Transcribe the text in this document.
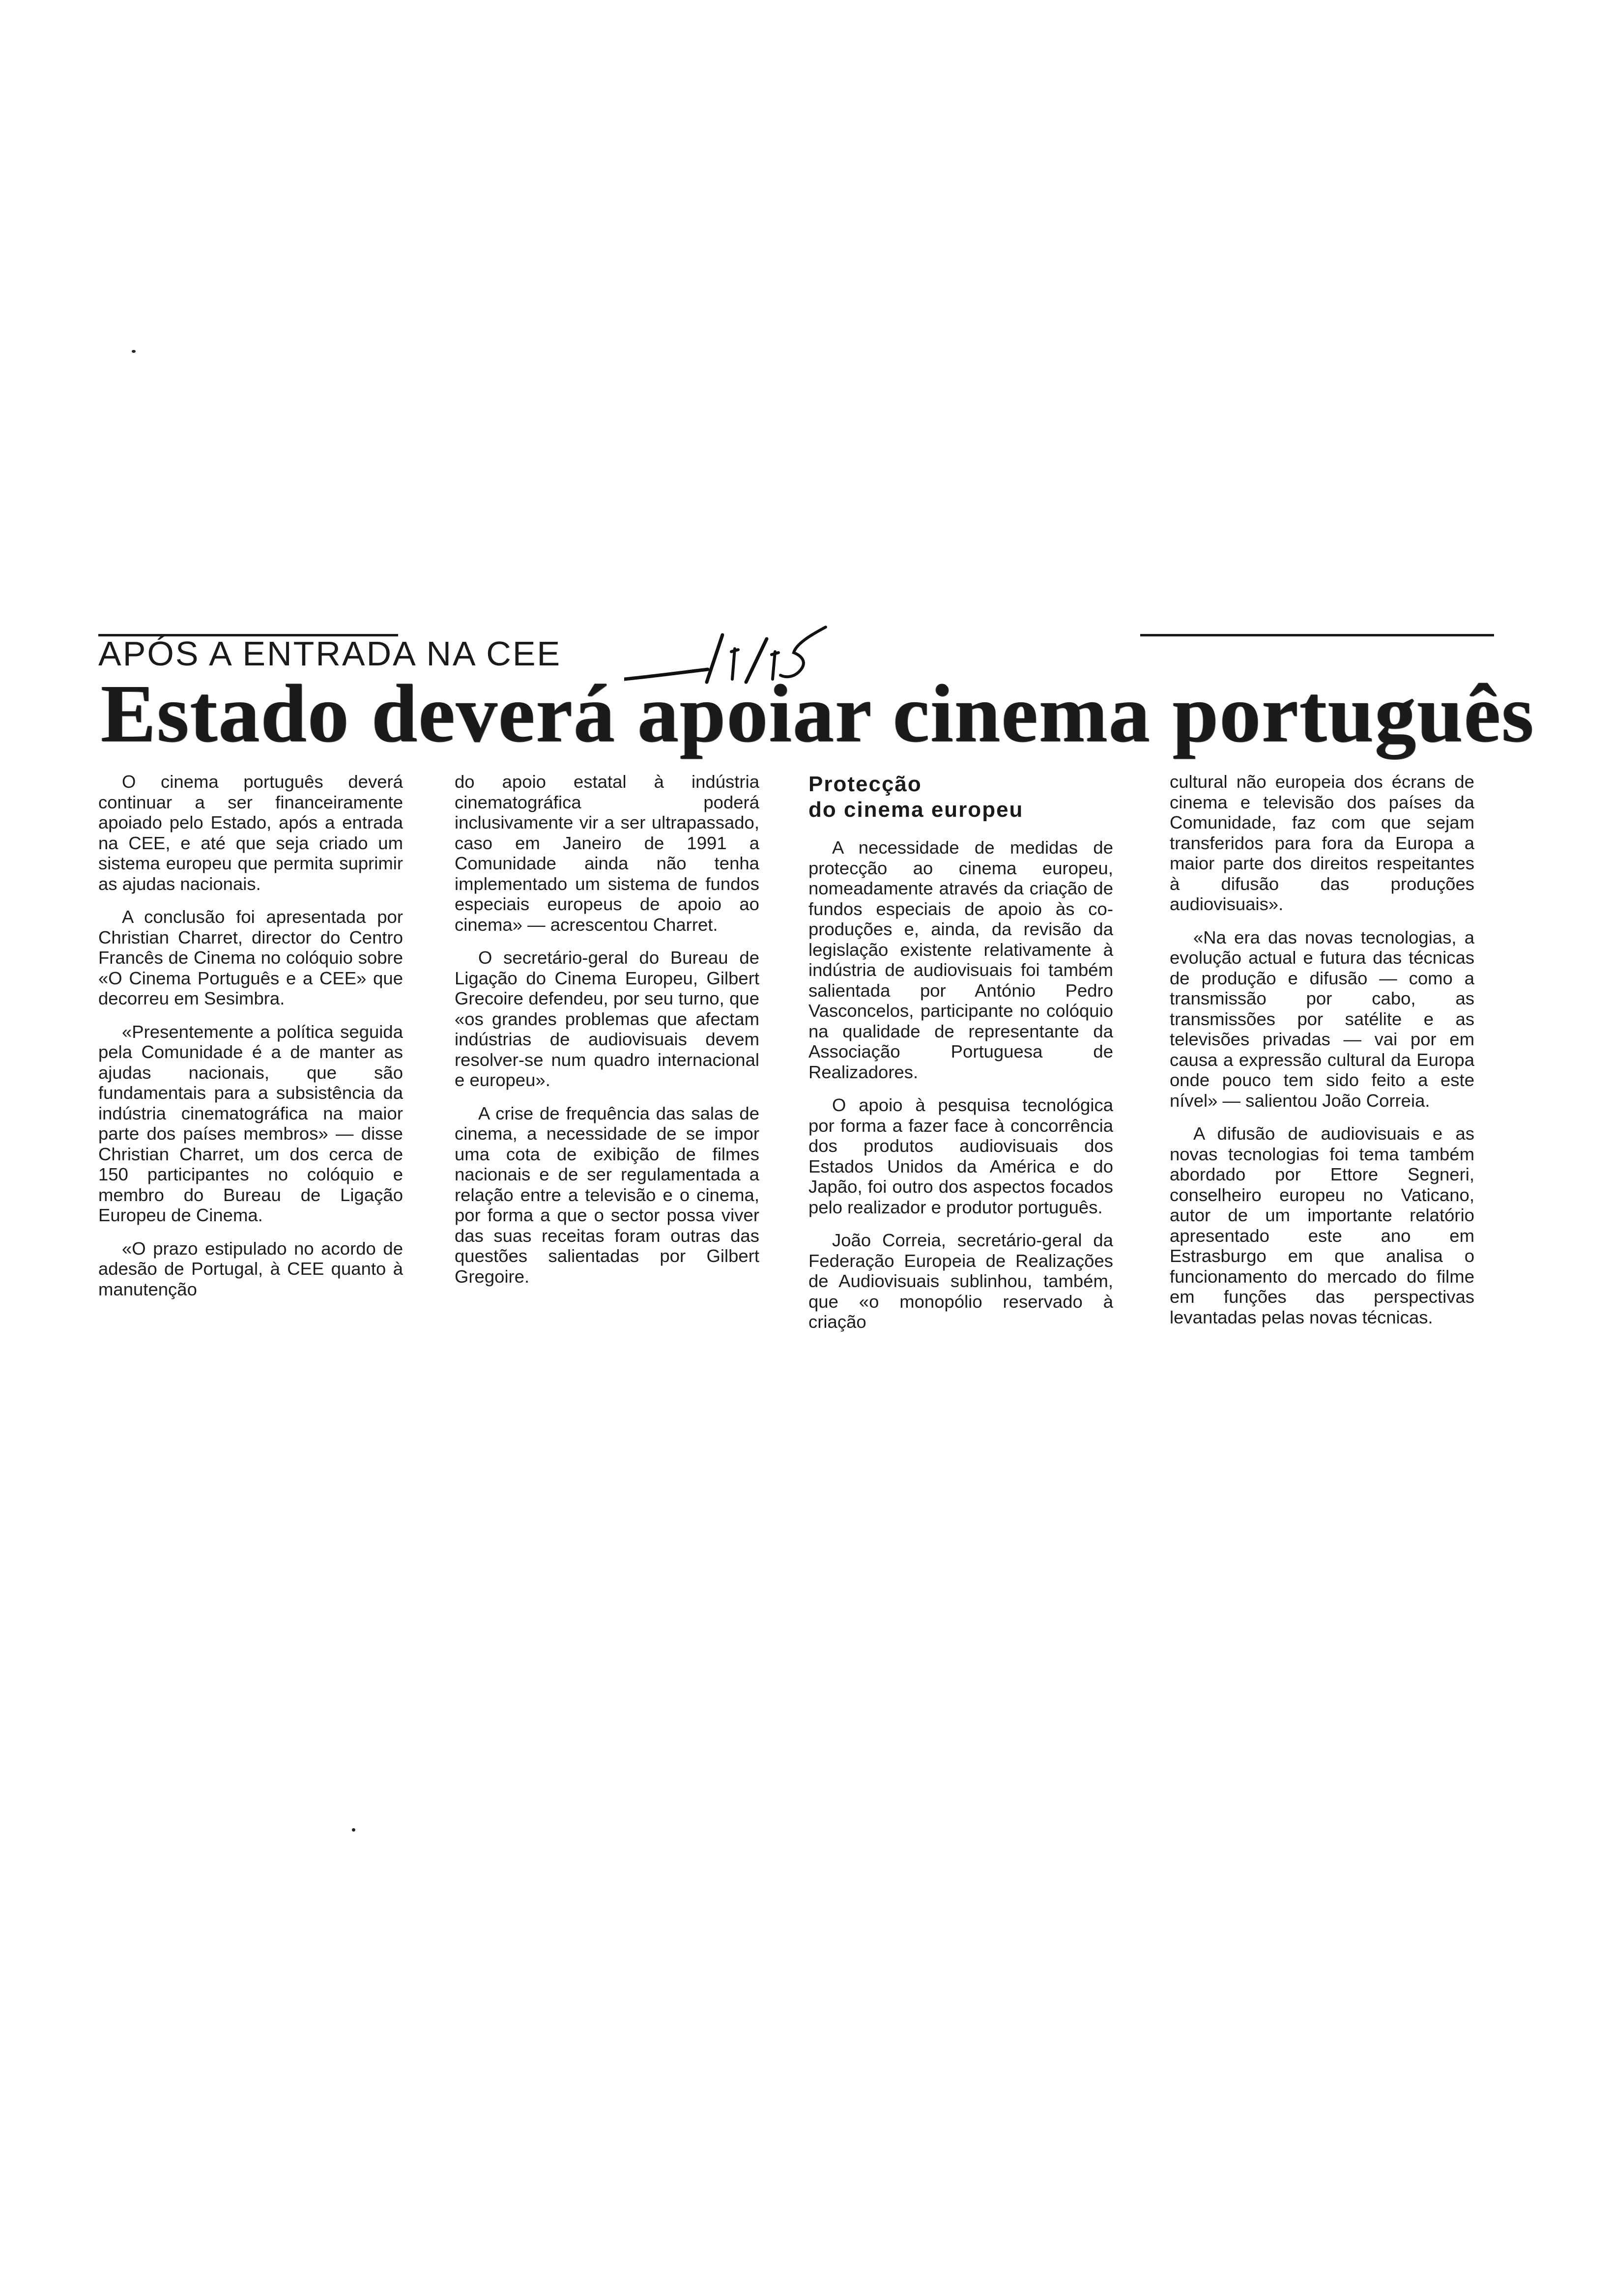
APÓS A ENTRADA NA CEE
Estado deverá apoiar cinema português

O cinema português deverá continuar a ser financeiramente apoiado pelo Estado, após a entrada na CEE, e até que seja criado um sistema europeu que permita suprimir as ajudas nacionais.

A conclusão foi apresentada por Christian Charret, director do Centro Francês de Cinema no colóquio sobre «O Cinema Português e a CEE» que decorreu em Sesimbra.

«Presentemente a política seguida pela Comunidade é a de manter as ajudas nacionais, que são fundamentais para a subsistência da indústria cinematográfica na maior parte dos países membros» — disse Christian Charret, um dos cerca de 150 participantes no colóquio e membro do Bureau de Ligação Europeu de Cinema.

«O prazo estipulado no acordo de adesão de Portugal, à CEE quanto à manutenção

do apoio estatal à indústria cinematográfica poderá inclusivamente vir a ser ultrapassado, caso em Janeiro de 1991 a Comunidade ainda não tenha implementado um sistema de fundos especiais europeus de apoio ao cinema» — acrescentou Charret.

O secretário-geral do Bureau de Ligação do Cinema Europeu, Gilbert Grecoire defendeu, por seu turno, que «os grandes problemas que afectam indústrias de audiovisuais devem resolver-se num quadro internacional e europeu».

A crise de frequência das salas de cinema, a necessidade de se impor uma cota de exibição de filmes nacionais e de ser regulamentada a relação entre a televisão e o cinema, por forma a que o sector possa viver das suas receitas foram outras das questões salientadas por Gilbert Gregoire.

Protecção
do cinema europeu

A necessidade de medidas de protecção ao cinema europeu, nomeadamente através da criação de fundos especiais de apoio às co-produções e, ainda, da revisão da legislação existente relativamente à indústria de audiovisuais foi também salientada por António Pedro Vasconcelos, participante no colóquio na qualidade de representante da Associação Portuguesa de Realizadores.

O apoio à pesquisa tecnológica por forma a fazer face à concorrência dos produtos audiovisuais dos Estados Unidos da América e do Japão, foi outro dos aspectos focados pelo realizador e produtor português.

João Correia, secretário-geral da Federação Europeia de Realizações de Audiovisuais sublinhou, também, que «o monopólio reservado à criação

cultural não europeia dos écrans de cinema e televisão dos países da Comunidade, faz com que sejam transferidos para fora da Europa a maior parte dos direitos respeitantes à difusão das produções audiovisuais».

«Na era das novas tecnologias, a evolução actual e futura das técnicas de produção e difusão — como a transmissão por cabo, as transmissões por satélite e as televisões privadas — vai por em causa a expressão cultural da Europa onde pouco tem sido feito a este nível» — salientou João Correia.

A difusão de audiovisuais e as novas tecnologias foi tema também abordado por Ettore Segneri, conselheiro europeu no Vaticano, autor de um importante relatório apresentado este ano em Estrasburgo em que analisa o funcionamento do mercado do filme em funções das perspectivas levantadas pelas novas técnicas.
